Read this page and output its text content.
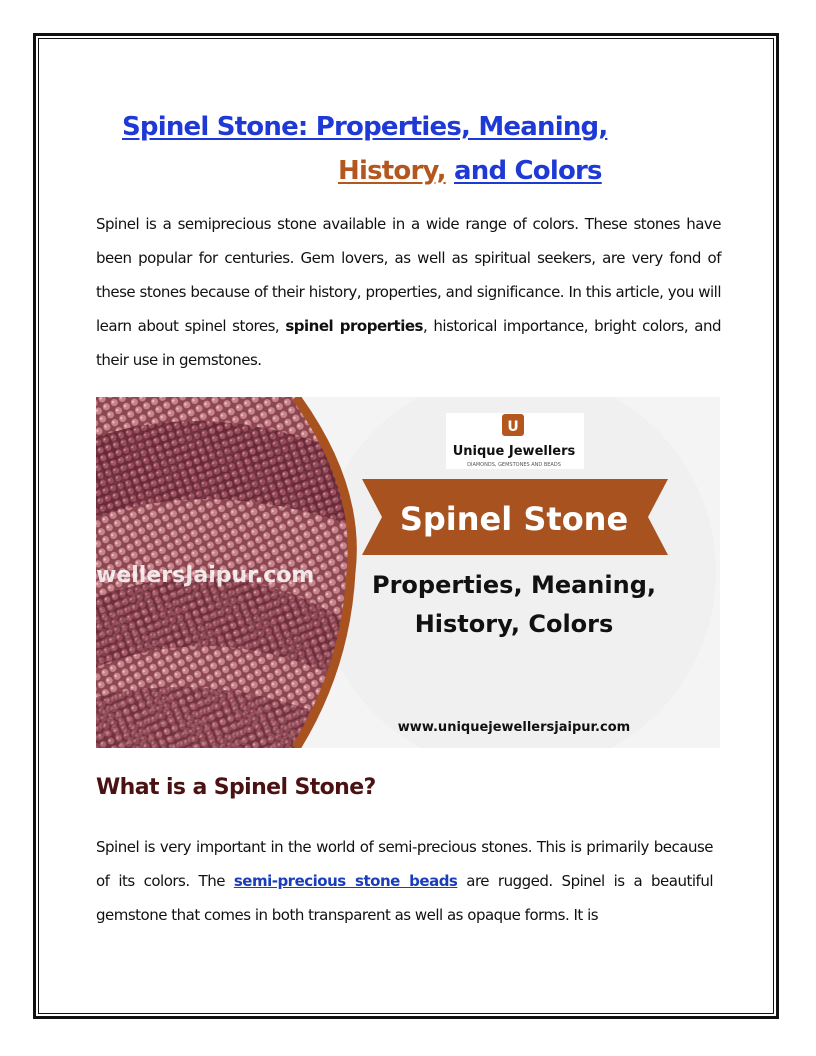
Spinel Stone: Properties, Meaning,
History, and Colors
Spinel is a semiprecious stone available in a wide range of colors. These stones have been popular for centuries. Gem lovers, as well as spiritual seekers, are very fond of these stones because of their history, properties, and significance. In this article, you will learn about spinel stores, spinel properties, historical importance, bright colors, and their use in gemstones.
wellersJaipur.com
U
Unique Jewellers
DIAMONDS, GEMSTONES AND BEADS
Spinel Stone
Properties, Meaning,
History, Colors
www.uniquejewellersjaipur.com
What is a Spinel Stone?
Spinel is very important in the world of semi-precious stones. This is primarily because of its colors. The semi-precious stone beads are rugged. Spinel is a beautiful gemstone that comes in both transparent as well as opaque forms. It is
